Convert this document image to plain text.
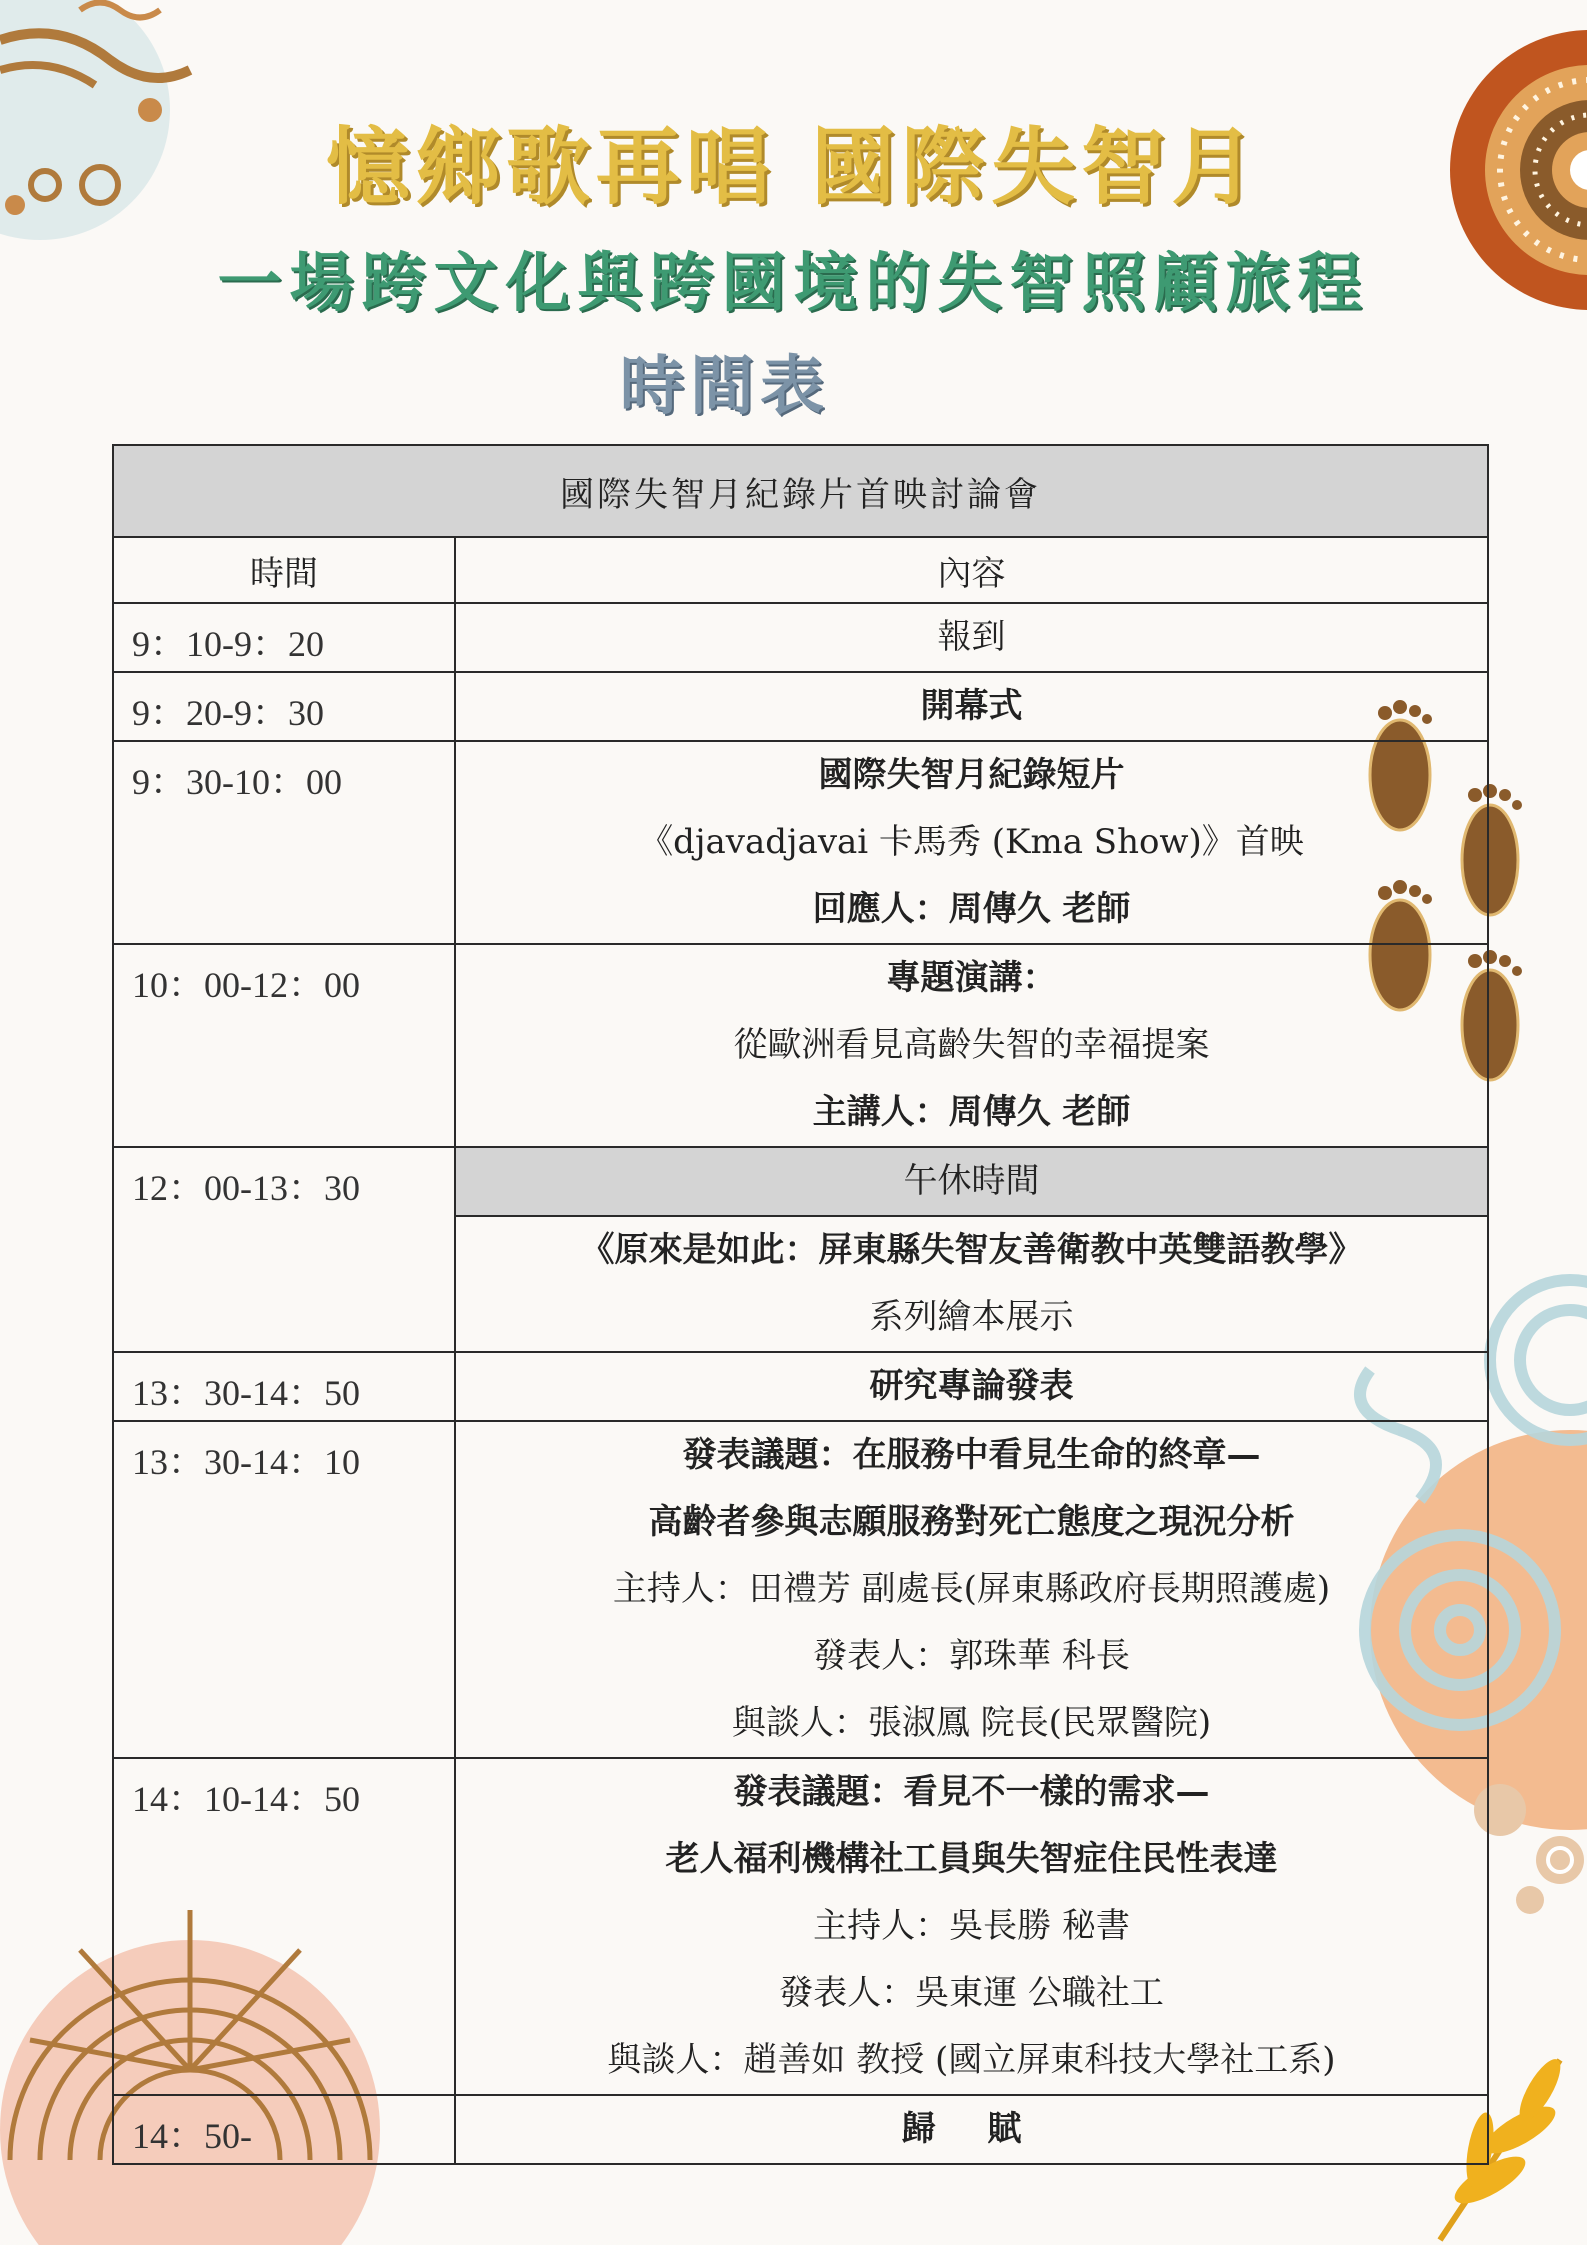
憶鄉歌再唱 國際失智月
一場跨文化與跨國境的失智照顧旅程
時間表
國際失智月紀錄片首映討論會	
時間	內容
9：10-9：20	報到

9：20-9：30	開幕式

9：30-10：00	國際失智月紀錄短片
《djavadjavai 卡馬秀 (Kma Show)》首映
回應人：周傳久 老師

10：00-12：00	專題演講：
從歐洲看見高齡失智的幸福提案
主講人：周傳久 老師

12：00-13：30	午休時間
《原來是如此：屏東縣失智友善衛教中英雙語教學》
系列繪本展示

13：30-14：50	研究專論發表

13：30-14：10	發表議題：在服務中看見生命的終章—
高齡者參與志願服務對死亡態度之現況分析
主持人：田禮芳 副處長(屏東縣政府長期照護處)
發表人：郭珠華 科長
與談人：張淑鳳 院長(民眾醫院)

14：10-14：50	發表議題：看見不一樣的需求—
老人福利機構社工員與失智症住民性表達
主持人：吳長勝 秘書
發表人：吳東運 公職社工
與談人：趙善如 教授 (國立屏東科技大學社工系)

14：50-	歸 賦
